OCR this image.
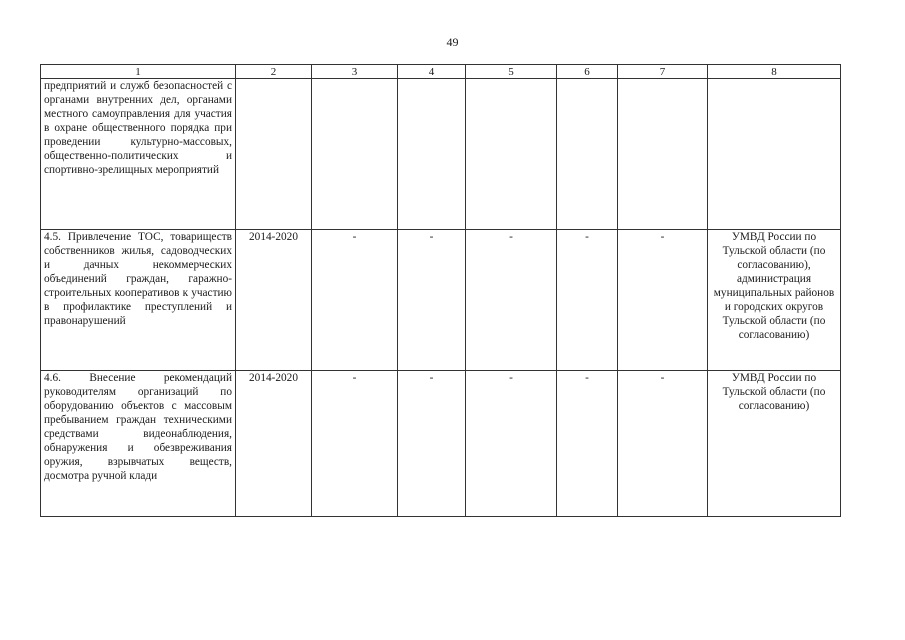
49
1	2	3	4	5	6	7	8
предприятий и служб безопасностей с органами внутренних дел, органами местного самоуправления для участия в охране общественного порядка при проведении культурно-массовых, общественно-политических и спортивно-зрелищных мероприятий							
4.5. Привлечение ТОС, товариществ собственников жилья, садоводческих и дачных некоммерческих объединений граждан, гаражно-строительных кооперативов к участию в профилактике преступлений и правонарушений	2014-2020	-	-	-	-	-	УМВД России по Тульской области (по согласованию), администрация муниципальных районов и городских округов Тульской области (по согласованию)
4.6. Внесение рекомендаций руководителям организаций по оборудованию объектов с массовым пребыванием граждан техническими средствами видеонаблюдения, обнаружения и обезвреживания оружия, взрывчатых веществ, досмотра ручной клади	2014-2020	-	-	-	-	-	УМВД России по Тульской области (по согласованию)
